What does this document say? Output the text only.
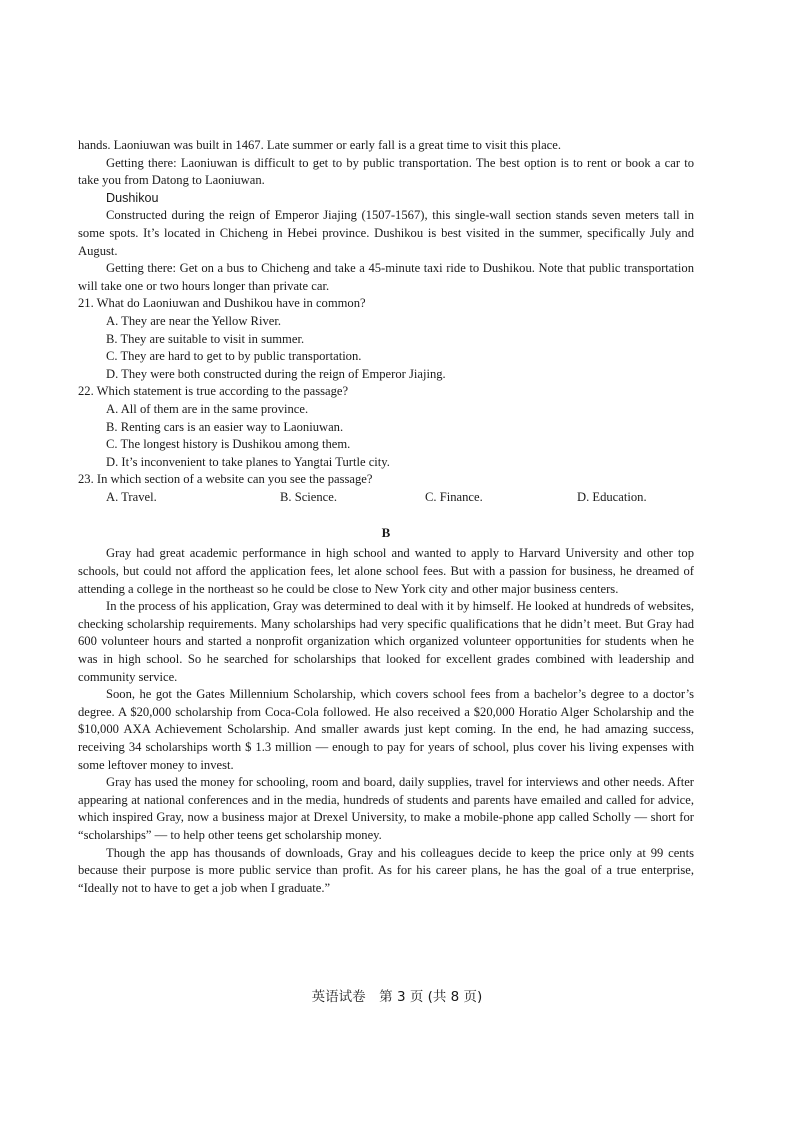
hands. Laoniuwan was built in 1467. Late summer or early fall is a great time to visit this place.

Getting there: Laoniuwan is difficult to get to by public transportation. The best option is to rent or book a car to take you from Datong to Laoniuwan.

Dushikou

Constructed during the reign of Emperor Jiajing (1507-1567), this single-wall section stands seven meters tall in some spots. It’s located in Chicheng in Hebei province. Dushikou is best visited in the summer, specifically July and August.

Getting there: Get on a bus to Chicheng and take a 45-minute taxi ride to Dushikou. Note that public transportation will take one or two hours longer than private car.

21. What do Laoniuwan and Dushikou have in common?
A. They are near the Yellow River.
B. They are suitable to visit in summer.
C. They are hard to get to by public transportation.
D. They were both constructed during the reign of Emperor Jiajing.
22. Which statement is true according to the passage?
A. All of them are in the same province.
B. Renting cars is an easier way to Laoniuwan.
C. The longest history is Dushikou among them.
D. It’s inconvenient to take planes to Yangtai Turtle city.
23. In which section of a website can you see the passage?
A. Travel.	B. Science.	C. Finance.	D. Education.
B

Gray had great academic performance in high school and wanted to apply to Harvard University and other top schools, but could not afford the application fees, let alone school fees. But with a passion for business, he dreamed of attending a college in the northeast so he could be close to New York city and other major business centers.

In the process of his application, Gray was determined to deal with it by himself. He looked at hundreds of websites, checking scholarship requirements. Many scholarships had very specific qualifications that he didn’t meet. But Gray had 600 volunteer hours and started a nonprofit organization which organized volunteer opportunities for students when he was in high school. So he searched for scholarships that looked for excellent grades combined with leadership and community service.

Soon, he got the Gates Millennium Scholarship, which covers school fees from a bachelor’s degree to a doctor’s degree. A $20,000 scholarship from Coca-Cola followed. He also received a $20,000 Horatio Alger Scholarship and the $10,000 AXA Achievement Scholarship. And smaller awards just kept coming. In the end, he had amazing success, receiving 34 scholarships worth $ 1.3 million — enough to pay for years of school, plus cover his living expenses with some leftover money to invest.

Gray has used the money for schooling, room and board, daily supplies, travel for interviews and other needs. After appearing at national conferences and in the media, hundreds of students and parents have emailed and called for advice, which inspired Gray, now a business major at Drexel University, to make a mobile-phone app called Scholly — short for “scholarships” — to help other teens get scholarship money.

Though the app has thousands of downloads, Gray and his colleagues decide to keep the price only at 99 cents because their purpose is more public service than profit. As for his career plans, he has the goal of a true enterprise, “Ideally not to have to get a job when I graduate.”

英语试卷　第 3 页 (共 8 页)
